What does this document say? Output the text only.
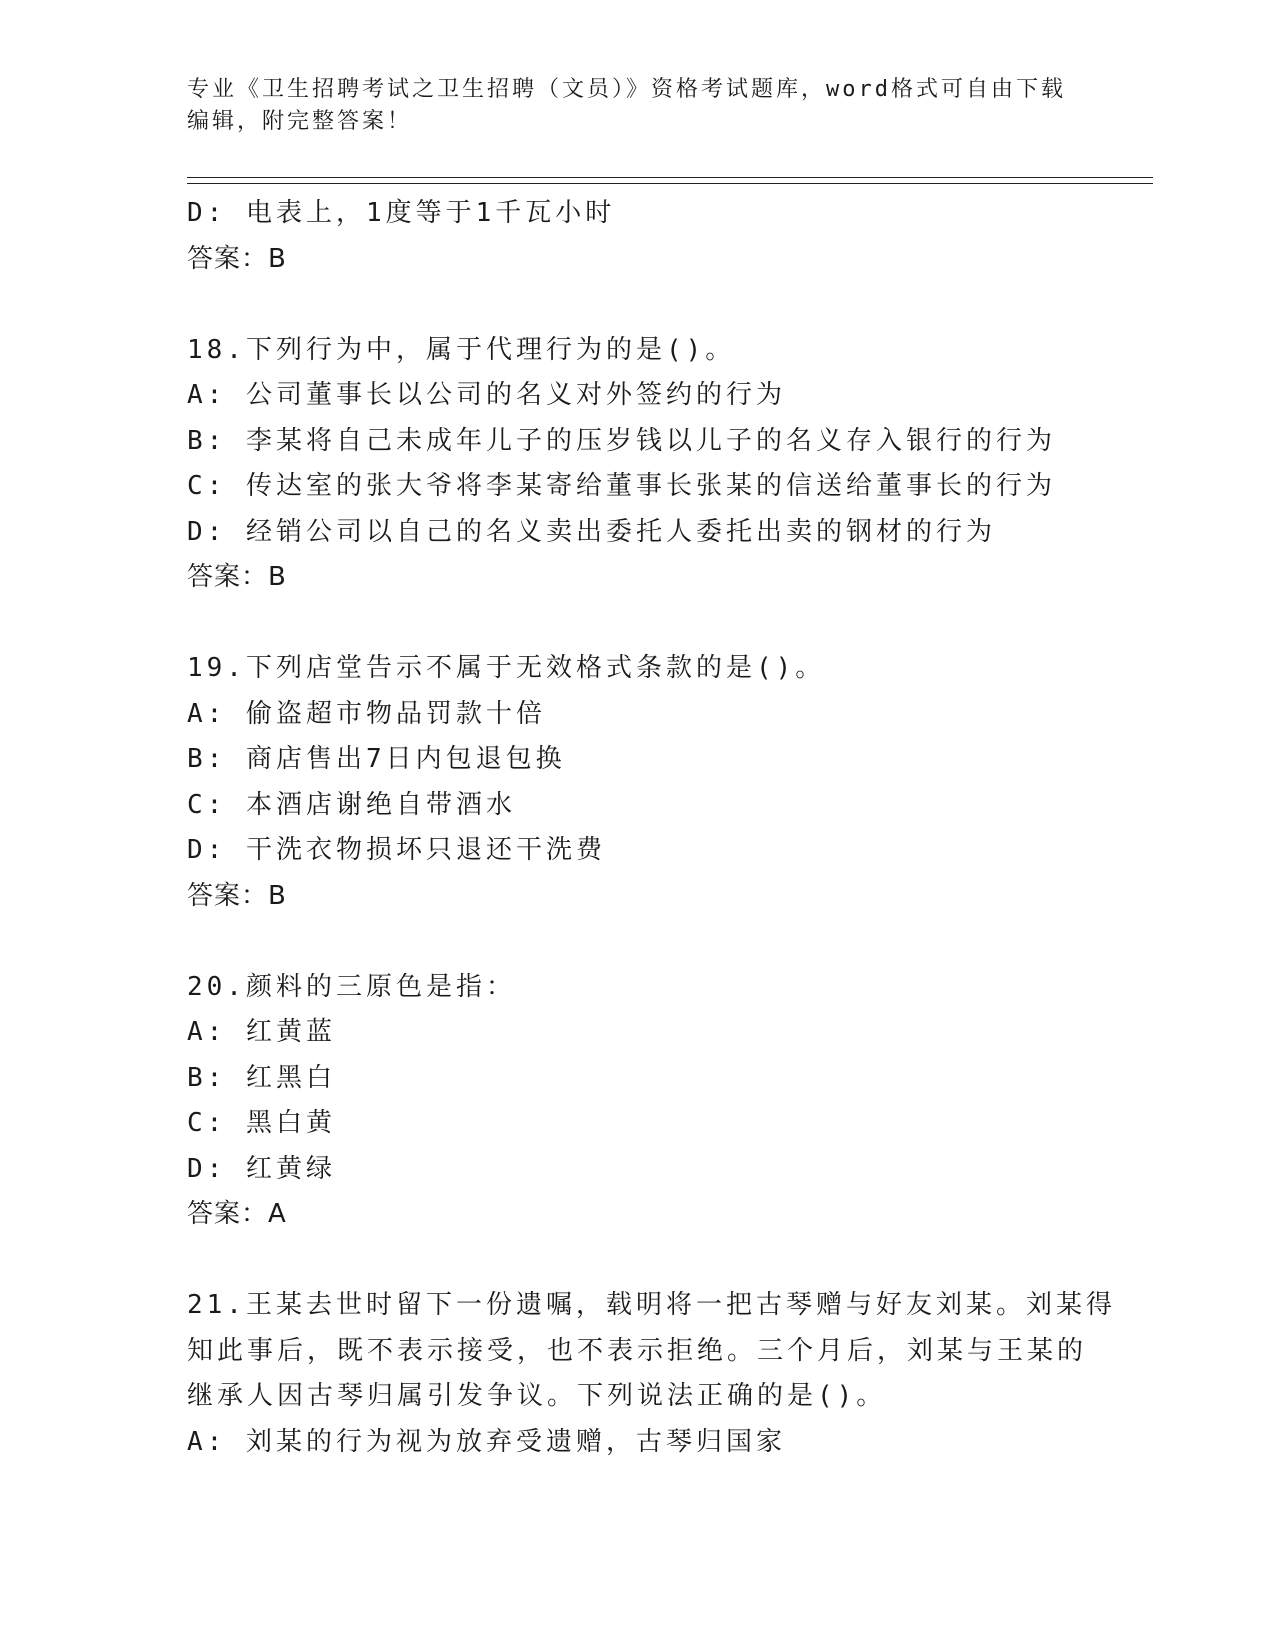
专业《卫生招聘考试之卫生招聘（文员）》资格考试题库，word格式可自由下载
编辑，附完整答案！
D: 电表上，1度等于1千瓦小时
答案：B
18.下列行为中，属于代理行为的是()。
A: 公司董事长以公司的名义对外签约的行为
B: 李某将自己未成年儿子的压岁钱以儿子的名义存入银行的行为
C: 传达室的张大爷将李某寄给董事长张某的信送给董事长的行为
D: 经销公司以自己的名义卖出委托人委托出卖的钢材的行为
答案：B
19.下列店堂告示不属于无效格式条款的是()。
A: 偷盗超市物品罚款十倍
B: 商店售出7日内包退包换
C: 本酒店谢绝自带酒水
D: 干洗衣物损坏只退还干洗费
答案：B
20.颜料的三原色是指：
A: 红黄蓝
B: 红黑白
C: 黑白黄
D: 红黄绿
答案：A
21.王某去世时留下一份遗嘱，载明将一把古琴赠与好友刘某。刘某得
知此事后，既不表示接受，也不表示拒绝。三个月后，刘某与王某的
继承人因古琴归属引发争议。下列说法正确的是()。
A: 刘某的行为视为放弃受遗赠，古琴归国家
